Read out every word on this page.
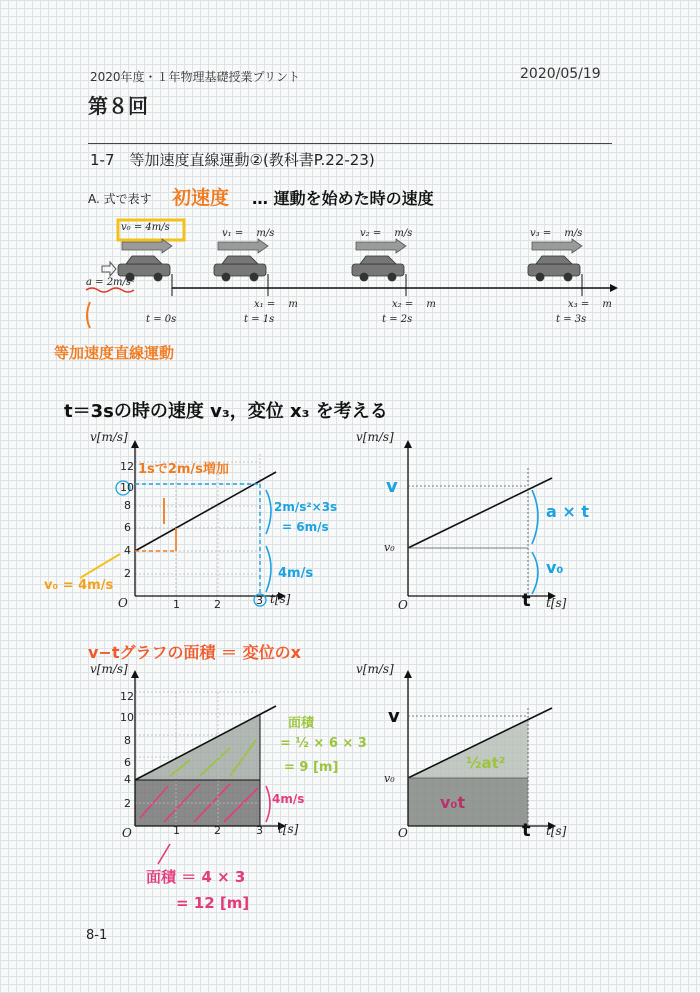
2020年度・１年物理基礎授業プリント	2020/05/19
第８回
1-7　等加速度直線運動②(教科書P.22-23)
A. 式で表す 初速度 … 運動を始めた時の速度
v₀ = 4m/s
v₁ =　 m/s	v₂ =　 m/s	v₃ =　 m/s
a = 2m/s²
x₁ =　 m	x₂ =　 m	x₃ =　 m
t = 0s	t = 1s	t = 2s	t = 3s
等加速度直線運動
t＝3sの時の速度 v₃，変位 x₃ を考える
v[m/s]
t[s]
12
10
8
6
4
2
1	2	3
O
1sで2m/s増加
2m/s²×3s
= 6m/s
4m/s
v₀ = 4m/s
v[m/s]
t[s]
v
v₀
t
a × t
v₀
O
v−tグラフの面積 ＝ 変位のx
v[m/s]
t[s]
12
10
8
6
4
2
1	2	3
O
面積
= ½ × 6 × 3
= 9 [m]
4m/s
面積 ＝ 4 × 3
= 12 [m]
v[m/s]
t[s]
v
v₀
t
½at²
v₀t
O
8-1
